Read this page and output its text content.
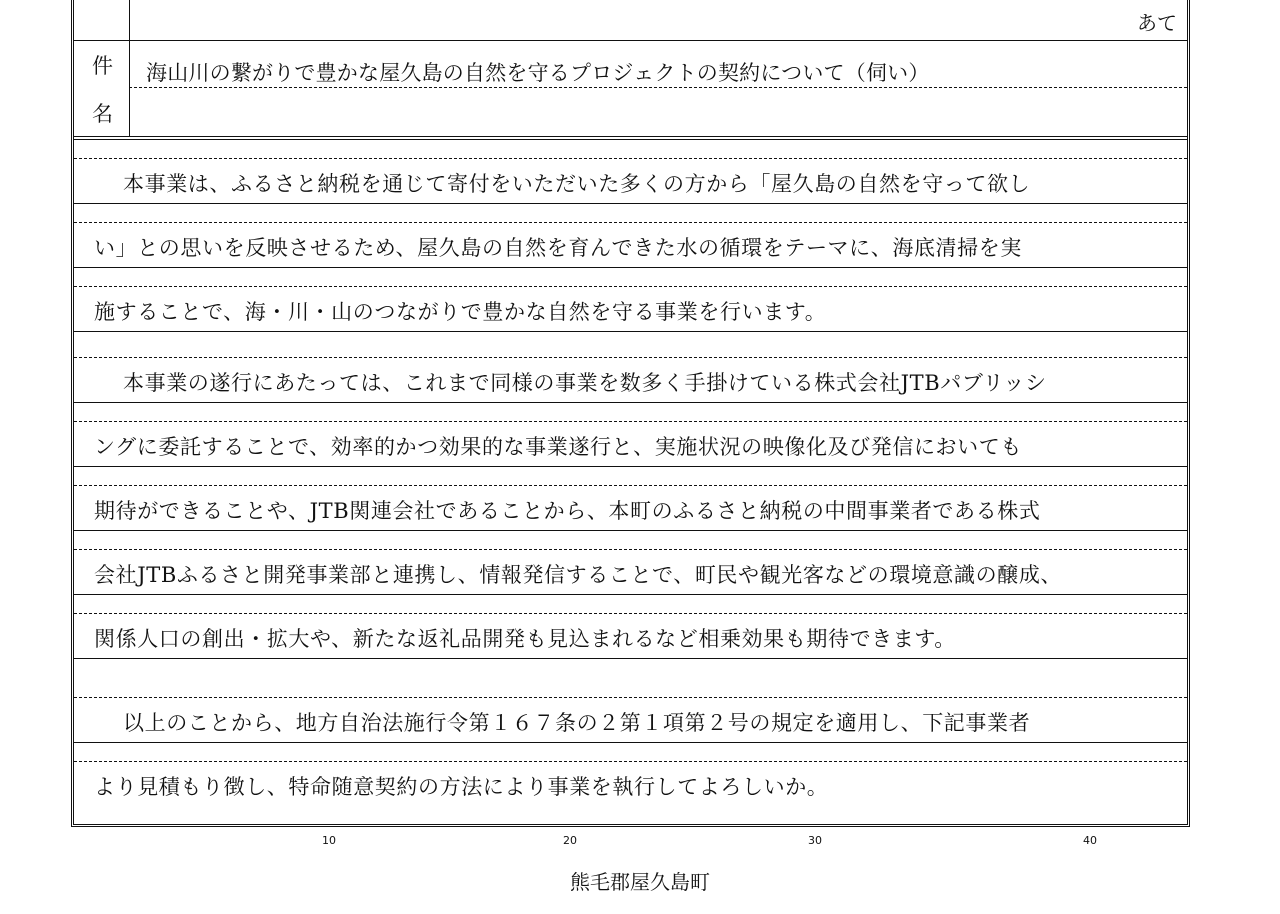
あて
件
名
海山川の繋がりで豊かな屋久島の自然を守るプロジェクトの契約について（伺い）
本事業は、ふるさと納税を通じて寄付をいただいた多くの方から「屋久島の自然を守って欲し
い」との思いを反映させるため、屋久島の自然を育んできた水の循環をテーマに、海底清掃を実
施することで、海・川・山のつながりで豊かな自然を守る事業を行います。
本事業の遂行にあたっては、これまで同様の事業を数多く手掛けている株式会社JTBパブリッシ
ングに委託することで、効率的かつ効果的な事業遂行と、実施状況の映像化及び発信においても
期待ができることや、JTB関連会社であることから、本町のふるさと納税の中間事業者である株式
会社JTBふるさと開発事業部と連携し、情報発信することで、町民や観光客などの環境意識の醸成、
関係人口の創出・拡大や、新たな返礼品開発も見込まれるなど相乗効果も期待できます。
以上のことから、地方自治法施行令第１６７条の２第１項第２号の規定を適用し、下記事業者
より見積もり徴し、特命随意契約の方法により事業を執行してよろしいか。
10	20	30	40
熊毛郡屋久島町
